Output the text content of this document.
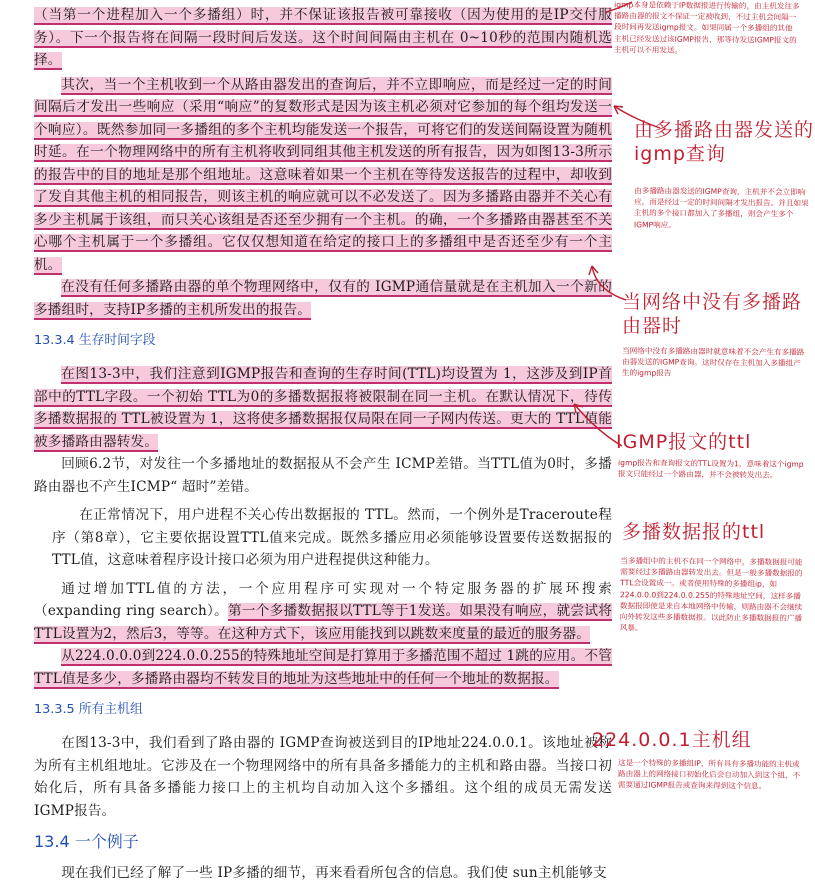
（当第一个进程加入一个多播组）时，并不保证该报告被可靠接收（因为使用的是IP交付服务）。下一个报告将在间隔一段时间后发送。这个时间间隔由主机在 0~10秒的范围内随机选择。

其次，当一个主机收到一个从路由器发出的查询后，并不立即响应，而是经过一定的时间间隔后才发出一些响应（采用“响应”的复数形式是因为该主机必须对它参加的每个组均发送一个响应）。既然参加同一多播组的多个主机均能发送一个报告，可将它们的发送间隔设置为随机时延。在一个物理网络中的所有主机将收到同组其他主机发送的所有报告，因为如图13-3所示的报告中的目的地址是那个组地址。这意味着如果一个主机在等待发送报告的过程中，却收到了发自其他主机的相同报告，则该主机的响应就可以不必发送了。因为多播路由器并不关心有多少主机属于该组，而只关心该组是否还至少拥有一个主机。的确，一个多播路由器甚至不关心哪个主机属于一个多播组。它仅仅想知道在给定的接口上的多播组中是否还至少有一个主机。

在没有任何多播路由器的单个物理网络中，仅有的 IGMP通信量就是在主机加入一个新的多播组时，支持IP多播的主机所发出的报告。

13.3.4 生存时间字段

在图13-3中，我们注意到IGMP报告和查询的生存时间(TTL)均设置为 1，这涉及到IP首部中的TTL字段。一个初始 TTL为0的多播数据报将被限制在同一主机。在默认情况下，待传多播数据报的 TTL被设置为 1，这将使多播数据报仅局限在同一子网内传送。更大的 TTL值能被多播路由器转发。

回顾6.2节，对发往一个多播地址的数据报从不会产生 ICMP差错。当TTL值为0时，多播路由器也不产生ICMP“ 超时”差错。

在正常情况下，用户进程不关心传出数据报的 TTL。然而，一个例外是Traceroute程序（第8章），它主要依据设置TTL值来完成。既然多播应用必须能够设置要传送数据报的TTL值，这意味着程序设计接口必须为用户进程提供这种能力。

通过增加TTL值的方法，一个应用程序可实现对一个特定服务器的扩展环搜索（expanding ring search）。第一个多播数据报以TTL等于1发送。如果没有响应，就尝试将TTL设置为2，然后3，等等。在这种方式下，该应用能找到以跳数来度量的最近的服务器。

从224.0.0.0到224.0.0.255的特殊地址空间是打算用于多播范围不超过 1跳的应用。不管TTL值是多少，多播路由器均不转发目的地址为这些地址中的任何一个地址的数据报。

13.3.5 所有主机组

在图13-3中，我们看到了路由器的 IGMP查询被送到目的IP地址224.0.0.1。该地址被称为所有主机组地址。它涉及在一个物理网络中的所有具备多播能力的主机和路由器。当接口初始化后，所有具备多播能力接口上的主机均自动加入这个多播组。这个组的成员无需发送IGMP报告。

13.4 一个例子

现在我们已经了解了一些 IP多播的细节，再来看看所包含的信息。我们使 sun主机能够支

igmp本身是依赖于IP数据报进行传输的，由主机发往多播路由器的报文不保证一定被收到，不过主机会间隔一段时间再发送igmp报文。如果同属一个多播组的其他主机已经发送过该IGMP报告，那等待发送IGMP报文的主机可以不用发送。
由多播路由器发送的igmp查询
由多播路由器发送的IGMP查询，主机并不会立即响应，而是经过一定的时间间隔才发出报告。并且如果主机的多个接口都加入了多播组，则会产生多个IGMP响应。
当网络中没有多播路由器时
当网络中没有多播路由器时就意味着不会产生有多播路由器发送的IGMP查询。这时仅存在主机加入多播组产生的igmp报告
IGMP报文的ttl
igmp报告和查询报文的TTL设置为1，意味着这个igmp报文只能经过一个路由器，并不会被转发出去。
多播数据报的ttl
当多播组中的主机不在同一个网络中，多播数据报可能需要经过多播路由器转发出去。但是一般多播数据报的TTL会设置成一。或者使用特殊的多播组ip，如224.0.0.0到224.0.0.255的特殊地址空间，这样多播数据报即使是来自本地网络中传输，则路由器不会继续向外转发这些多播数据报。以此防止多播数据报的广播风暴。
224.0.0.1主机组
这是一个特殊的多播组IP，所有具有多播功能的主机或路由器上的网络接口初始化后会自动加入到这个组，不需要通过IGMP报告或查询来得到这个信息。
